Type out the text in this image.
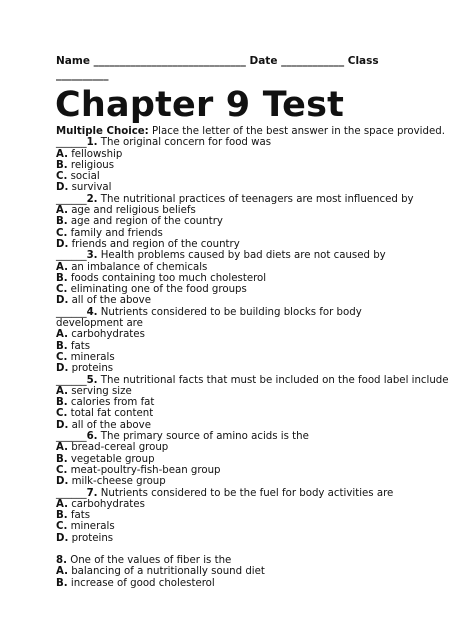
Name _____________________________ Date ____________ Class
__________
Chapter 9 Test
Multiple Choice: Place the letter of the best answer in the space provided.
______1. The original concern for food was
A. fellowship
B. religious
C. social
D. survival
______2. The nutritional practices of teenagers are most influenced by
A. age and religious beliefs
B. age and region of the country
C. family and friends
D. friends and region of the country
______3. Health problems caused by bad diets are not caused by
A. an imbalance of chemicals
B. foods containing too much cholesterol
C. eliminating one of the food groups
D. all of the above
______4. Nutrients considered to be building blocks for body development are
A. carbohydrates
B. fats
C. minerals
D. proteins
______5. The nutritional facts that must be included on the food label include
A. serving size
B. calories from fat
C. total fat content
D. all of the above
______6. The primary source of amino acids is the
A. bread-cereal group
B. vegetable group
C. meat-poultry-fish-bean group
D. milk-cheese group
______7. Nutrients considered to be the fuel for body activities are
A. carbohydrates
B. fats
C. minerals
D. proteins
8. One of the values of fiber is the
A. balancing of a nutritionally sound diet
B. increase of good cholesterol
